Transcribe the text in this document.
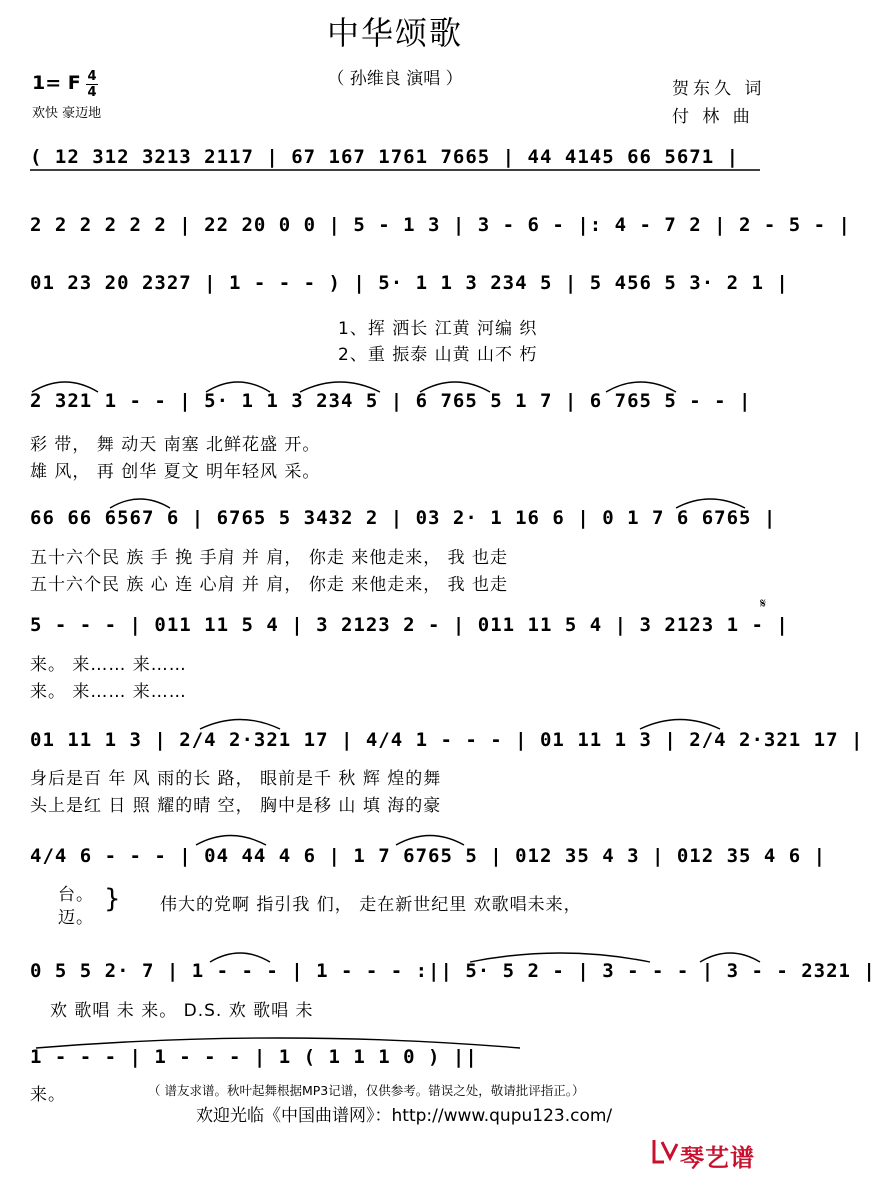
中华颂歌
（ 孙维良 演唱 ）
1= F 4
4
欢快 豪迈地
贺东久 词
付 林 曲
( 12 312 3213 2117 | 67 167 1761 7665 | 44 4145 66 5671 |
2 2 2 2 2 2 | 22 20 0 0 | 5 - 1 3 | 3 - 6 - |: 4 - 7 2 | 2 - 5 - |
01 23 20 2327 | 1 - - - ) | 5· 1 1 3 234 5 | 5 456 5 3· 2 1 |
1、挥 洒长 江黄 河编 织
2、重 振泰 山黄 山不 朽
2 321 1 - - | 5· 1 1 3 234 5 | 6 765 5 1 7 | 6 765 5 - - |
彩 带， 舞 动天 南塞 北鲜花盛 开。
雄 风， 再 创华 夏文 明年轻风 采。
66 66 6567 6 | 6765 5 3432 2 | 03 2· 1 16 6 | 0 1 7 6 6765 |
五十六个民 族 手 挽 手肩 并 肩， 你走 来他走来， 我 也走
五十六个民 族 心 连 心肩 并 肩， 你走 来他走来， 我 也走
5 - - - | 011 11 5 4 | 3 2123 2 - | 011 11 5 4 | 3 2123 1 - |
𝄋
来。 来…… 来……
来。 来…… 来……
01 11 1 3 | 2/4 2·321 17 | 4/4 1 - - - | 01 11 1 3 | 2/4 2·321 17 |
身后是百 年 风 雨的长 路， 眼前是千 秋 辉 煌的舞
头上是红 日 照 耀的晴 空， 胸中是移 山 填 海的豪
4/4 6 - - - | 04 44 4 6 | 1 7 6765 5 | 012 35 4 3 | 012 35 4 6 |
台。
迈。
} 伟大的党啊 指引我 们， 走在新世纪里 欢歌唱未来，
0 5 5 2· 7 | 1 - - - | 1 - - - :|| 5· 5 2 - | 3 - - - | 3 - - 2321 |
欢 歌唱 未 来。 D.S. 欢 歌唱 未
1 - - - | 1 - - - | 1 ( 1 1 1 0 ) ||
来。	（ 谱友求谱。秋叶起舞根据MP3记谱，仅供参考。错误之处，敬请批评指正。）
欢迎光临《中国曲谱网》：http://www.qupu123.com/
琴艺谱
